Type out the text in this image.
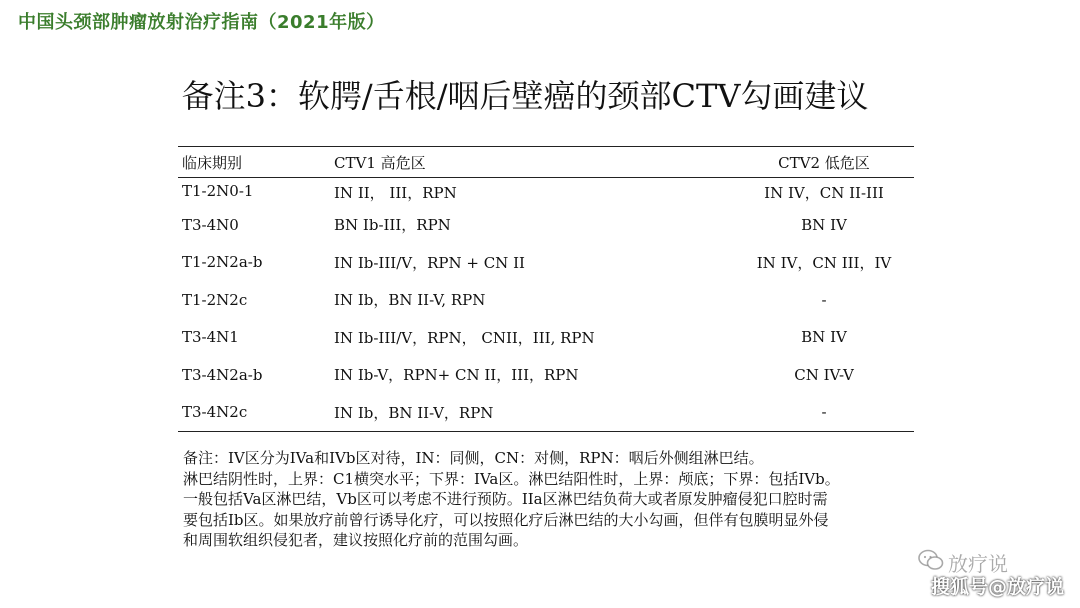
中国头颈部肿瘤放射治疗指南（2021年版）
备注3：软腭/舌根/咽后壁癌的颈部CTV勾画建议
临床期别	CTV1 高危区	CTV2 低危区
T1-2N0-1	IN II， III，RPN	IN IV，CN II-III
T3-4N0	BN Ib-III，RPN	BN IV
T1-2N2a-b	IN Ib-III/V，RPN + CN II	IN IV，CN III，IV
T1-2N2c	IN Ib，BN II-V, RPN	-
T3-4N1	IN Ib-III/V，RPN， CNII，III, RPN	BN IV
T3-4N2a-b	IN Ib-V，RPN+ CN II，III，RPN	CN IV-V
T3-4N2c	IN Ib，BN II-V，RPN	-

备注：IV区分为IVa和IVb区对待，IN：同侧，CN：对侧，RPN：咽后外侧组淋巴结。

淋巴结阴性时，上界：C1横突水平；下界：IVa区。淋巴结阳性时，上界：颅底；下界：包括IVb。

一般包括Va区淋巴结，Vb区可以考虑不进行预防。IIa区淋巴结负荷大或者原发肿瘤侵犯口腔时需

要包括Ib区。如果放疗前曾行诱导化疗，可以按照化疗后淋巴结的大小勾画，但伴有包膜明显外侵

和周围软组织侵犯者，建议按照化疗前的范围勾画。

放疗说
搜狐号@放疗说
